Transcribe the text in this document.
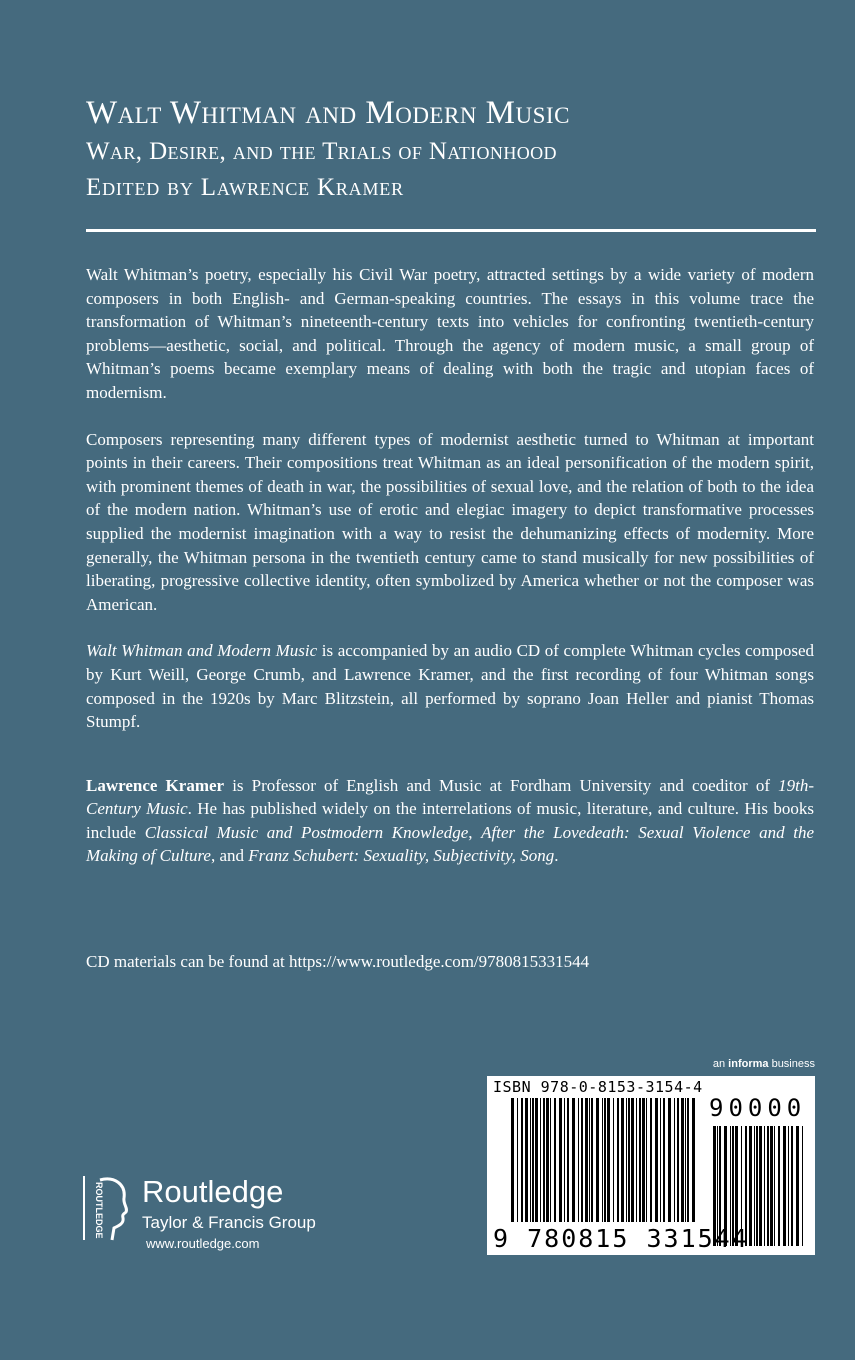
Walt Whitman and Modern Music
War, Desire, and the Trials of Nationhood
Edited by Lawrence Kramer

Walt Whitman’s poetry, especially his Civil War poetry, attracted settings by a wide variety of modern composers in both English- and German-speaking countries. The essays in this volume trace the transformation of Whitman’s nineteenth-century texts into vehicles for confronting twentieth-century problems—aesthetic, social, and political. Through the agency of modern music, a small group of Whitman’s poems became exemplary means of dealing with both the tragic and utopian faces of modernism.

Composers representing many different types of modernist aesthetic turned to Whitman at important points in their careers. Their compositions treat Whitman as an ideal personification of the modern spirit, with prominent themes of death in war, the possibilities of sexual love, and the relation of both to the idea of the modern nation. Whitman’s use of erotic and elegiac imagery to depict transformative processes supplied the modernist imagination with a way to resist the dehumanizing effects of modernity. More generally, the Whitman persona in the twentieth century came to stand musically for new possibilities of liberating, progressive collective identity, often symbolized by America whether or not the composer was American.

Walt Whitman and Modern Music is accompanied by an audio CD of complete Whitman cycles composed by Kurt Weill, George Crumb, and Lawrence Kramer, and the first recording of four Whitman songs composed in the 1920s by Marc Blitzstein, all performed by soprano Joan Heller and pianist Thomas Stumpf.

Lawrence Kramer is Professor of English and Music at Fordham University and coeditor of 19th-Century Music. He has published widely on the interrelations of music, literature, and culture. His books include Classical Music and Postmodern Knowledge, After the Lovedeath: Sexual Violence and the Making of Culture, and Franz Schubert: Sexuality, Subjectivity, Song.

CD materials can be found at https://www.routledge.com/9780815331544
an informa business
ISBN 978-0-8153-3154-4
90000
9 780815 331544
ROUTLEDGE Routledge
Taylor & Francis Group
www.routledge.com
